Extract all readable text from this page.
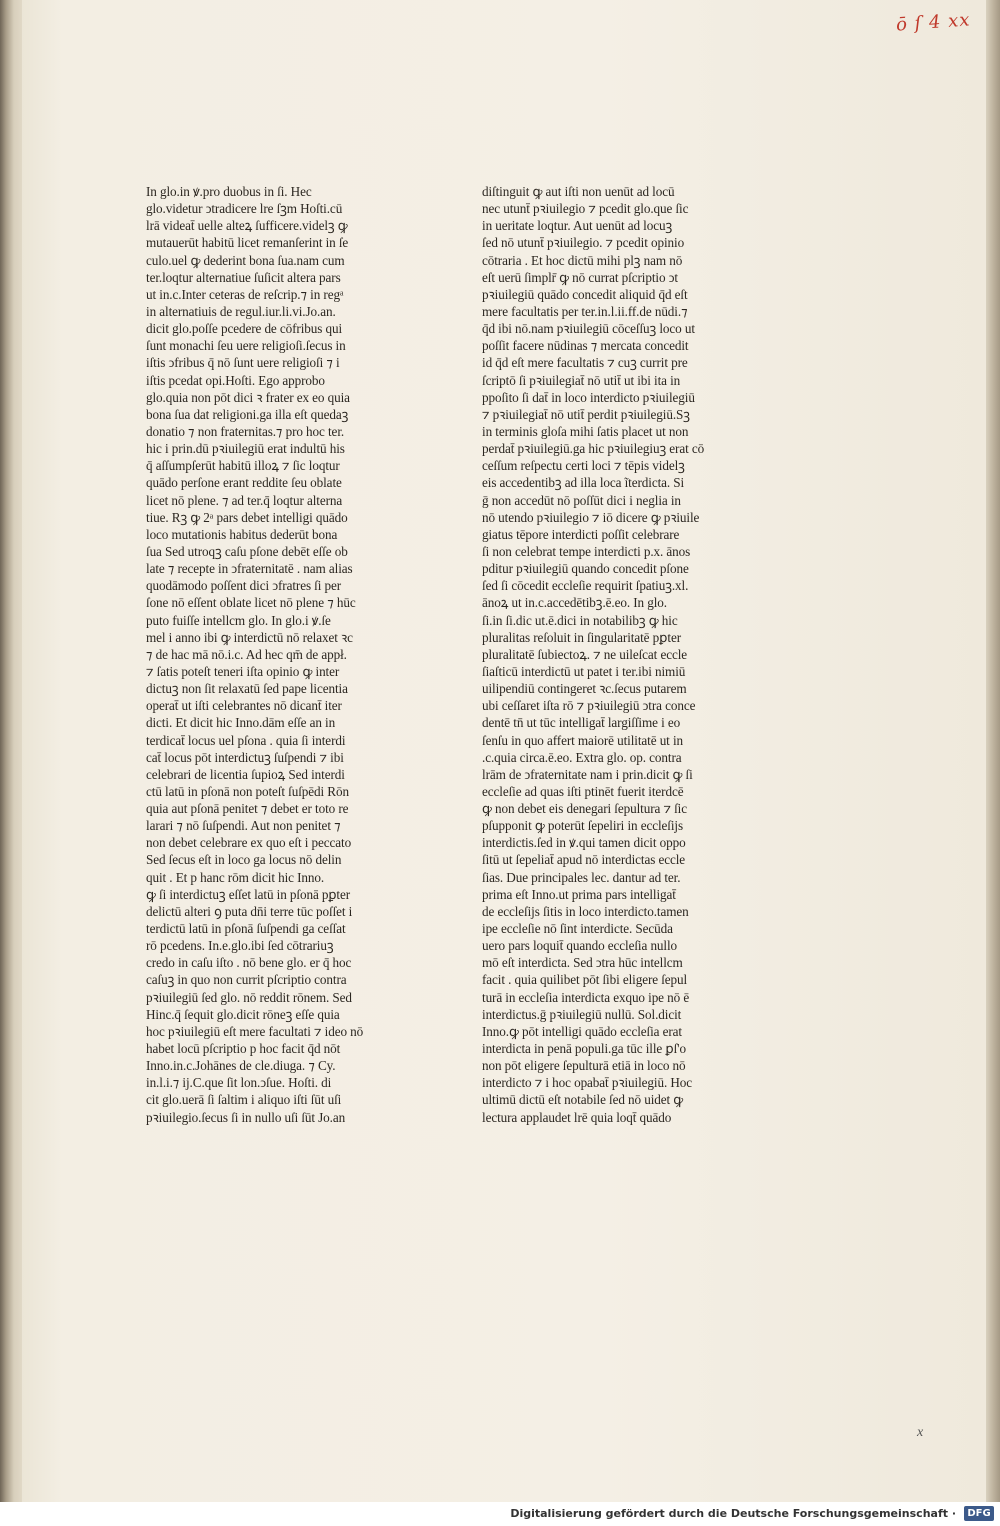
ō ſ 4 xx
In glo.in ꝟ.pro duobus in ſi. Hec
glo.videtur ↄtradicere lre ſꝫm Hoſti.cū
lrā videat̄ uelle alteꝝ ſufficere.videlꝫ ꝙ
mutauerūt habitū licet remanſerint in ſe
culo.uel ꝙ dederint bona ſua.nam cum
ter.loqtur alternatiue ſuſicit altera pars
ut in.c.Inter ceteras de reſcrip.⁊ in regᵃ
in alternatiuis de regul.iur.li.vi.Jo.an.
dicit glo.poſſe pcedere de cōfribus qui
ſunt monachi ſeu uere religioſi.ſecus in
iſtis ↄfribus q̄ nō ſunt uere religioſi ⁊ i
iſtis pcedat opi.Hoſti. Ego approbo
glo.quia non pōt dici ꝛ frater ex eo quia
bona ſua dat religioni.ga illa eſt quedaꝫ
donatio ⁊ non fraternitas.⁊ pro hoc ter.
hic i prin.dū pꝛiuilegiū erat indultū his
q̄ aſſumpſerūt habitū illoꝝ ⁊ ſic loqtur
quādo perſone erant reddite ſeu oblate
licet nō plene. ⁊ ad ter.q̄ loqtur alterna
tiue. Rꝫ ꝙ 2ᵃ pars debet intelligi quādo
loco mutationis habitus dederūt bona
ſua Sed utroqꝫ caſu pſone debēt eſſe ob
late ⁊ recepte in ↄfraternitatē . nam alias
quodāmodo poſſent dici ↄfratres ſi per
ſone nō eſſent oblate licet nō plene ⁊ hūc
puto fuiſſe intellcm glo. In glo.i ꝟ.ſe
mel i anno ibi ꝙ interdictū nō relaxet ꝛc
⁊ de hac mā nō.i.c. Ad hec qm̄ de appł.
⁊ ſatis poteſt teneri iſta opinio ꝙ inter
dictuꝫ non ſit relaxatū ſed pape licentia
operat̄ ut iſti celebrantes nō dicant̄ iter
dicti. Et dicit hic Inno.dām eſſe an in
terdicat̄ locus uel pſona . quia ſi interdi
cat̄ locus pōt interdictuꝫ ſuſpendi ⁊ ibi
celebrari de licentia ſupioꝝ Sed interdi
ctū latū in pſonā non poteſt ſuſpēdi Rōn
quia aut pſonā penitet ⁊ debet er toto re
larari ⁊ nō ſuſpendi. Aut non penitet ⁊
non debet celebrare ex quo eſt i peccato
Sed ſecus eſt in loco ga locus nō delin
quit . Et p hanc rōm dicit hic Inno.
ꝙ ſi interdictuꝫ eſſet latū in pſonā pꝑter
delictū alteri ꝯ puta dn̄i terre tūc poſſet i
terdictū latū in pſonā ſuſpendi ga ceſſat
rō pcedens. In.e.glo.ibi ſed cōtrariuꝫ
credo in caſu iſto . nō bene glo. er q̄ hoc
caſuꝫ in quo non currit pſcriptio contra
pꝛiuilegiū ſed glo. nō reddit rōnem. Sed
Hinc.q̄ ſequit glo.dicit rōneꝫ eſſe quia
hoc pꝛiuilegiū eſt mere facultati ⁊ ideo nō
habet locū pſcriptio p hoc facit q̄d nōt
Inno.in.c.Johānes de cle.diuga. ⁊ Cy.
in.l.i.⁊ ij.C.que ſit lon.ↄſue. Hoſti. di
cit glo.uerā ſi ſaltim i aliquo iſti ſūt uſi
pꝛiuilegio.ſecus ſi in nullo uſi ſūt Jo.an
diſtinguit ꝙ aut iſti non uenūt ad locū
nec utunt̄ pꝛiuilegio ⁊ pcedit glo.que ſic
in ueritate loqtur. Aut uenūt ad locuꝫ
ſed nō utunt̄ pꝛiuilegio. ⁊ pcedit opinio
cōtraria . Et hoc dictū mihi plꝫ nam nō
eſt uerū ſimplr̄ ꝙ nō currat pſcriptio ↄt
pꝛiuilegiū quādo concedit aliquid q̄d eſt
mere facultatis per ter.in.l.ii.ff.de nūdi.⁊
q̄d ibi nō.nam pꝛiuilegiū cōceſſuꝫ loco ut
poſſit facere nūdinas ⁊ mercata concedit
id q̄d eſt mere facultatis ⁊ cuꝫ currit pre
ſcriptō ſi pꝛiuilegiat̄ nō utit̄ ut ibi ita in
ppoſito ſi dat̄ in loco interdicto pꝛiuilegiū
⁊ pꝛiuilegiat̄ nō utit̄ perdit pꝛiuilegiū.Sꝫ
in terminis gloſa mihi ſatis placet ut non
perdat̄ pꝛiuilegiū.ga hic pꝛiuilegiuꝫ erat cō
ceſſum reſpectu certi loci ⁊ tēpis videlꝫ
eis accedentibꝫ ad illa loca ĩterdicta. Si
ḡ non accedūt nō poſſūt dici i neglia in
nō utendo pꝛiuilegio ⁊ iō dicere ꝙ pꝛiuile
giatus tēpore interdicti poſſit celebrare
ſi non celebrat tempe interdicti p.x. ānos
pditur pꝛiuilegiū quando concedit pſone
ſed ſi cōcedit eccleſie requirit ſpatiuꝫ.xl.
ānoꝝ ut in.c.accedētibꝫ.ē.eo. In glo.
ſi.in ſi.dic ut.ē.dici in notabilibꝫ ꝙ hic
pluralitas reſoluit in ſingularitatē pꝑter
pluralitatē ſubiectoꝝ. ⁊ ne uileſcat eccle
ſiaſticū interdictū ut patet i ter.ibi nimiū
uilipendiū contingeret ꝛc.ſecus putarem
ubi ceſſaret iſta rō ⁊ pꝛiuilegiū ↄtra conce
dentē tn̄ ut tūc intelligat̄ largiſſime i eo
ſenſu in quo affert maiorē utilitatē ut in
.c.quia circa.ē.eo. Extra glo. op. contra
lrām de ↄfraternitate nam i prin.dicit ꝙ ſi
eccleſie ad quas iſti ptinēt fuerit iterdcē
ꝙ non debet eis denegari ſepultura ⁊ ſic
pſupponit ꝙ poterūt ſepeliri in eccleſijs
interdictis.ſed in ꝟ.qui tamen dicit oppo
ſitū ut ſepeliat̄ apud nō interdictas eccle
ſias. Due principales lec. dantur ad ter.
prima eſt Inno.ut prima pars intelligat̄
de eccleſijs ſitis in loco interdicto.tamen
ipe eccleſie nō ſint interdicte. Secūda
uero pars loquit̄ quando eccleſia nullo
mō eſt interdicta. Sed ↄtra hūc intellcm
facit . quia quilibet pōt ſibi eligere ſepul
turā in eccleſia interdicta exquo ipe nō ē
interdictus.ḡ pꝛiuilegiū nullū. Sol.dicit
Inno.ꝙ pōt intelligi quādo eccleſia erat
interdicta in penā populi.ga tūc ille ꝑſ'o
non pōt eligere ſepulturā etiā in loco nō
interdicto ⁊ i hoc opabat̄ pꝛiuilegiū. Hoc
ultimū dictū eſt notabile ſed nō uidet ꝙ
lectura applaudet lrē quia loqt̄ quādo
x
Digitalisierung gefördert durch die Deutsche Forschungsgemeinschaft ·	DFG
